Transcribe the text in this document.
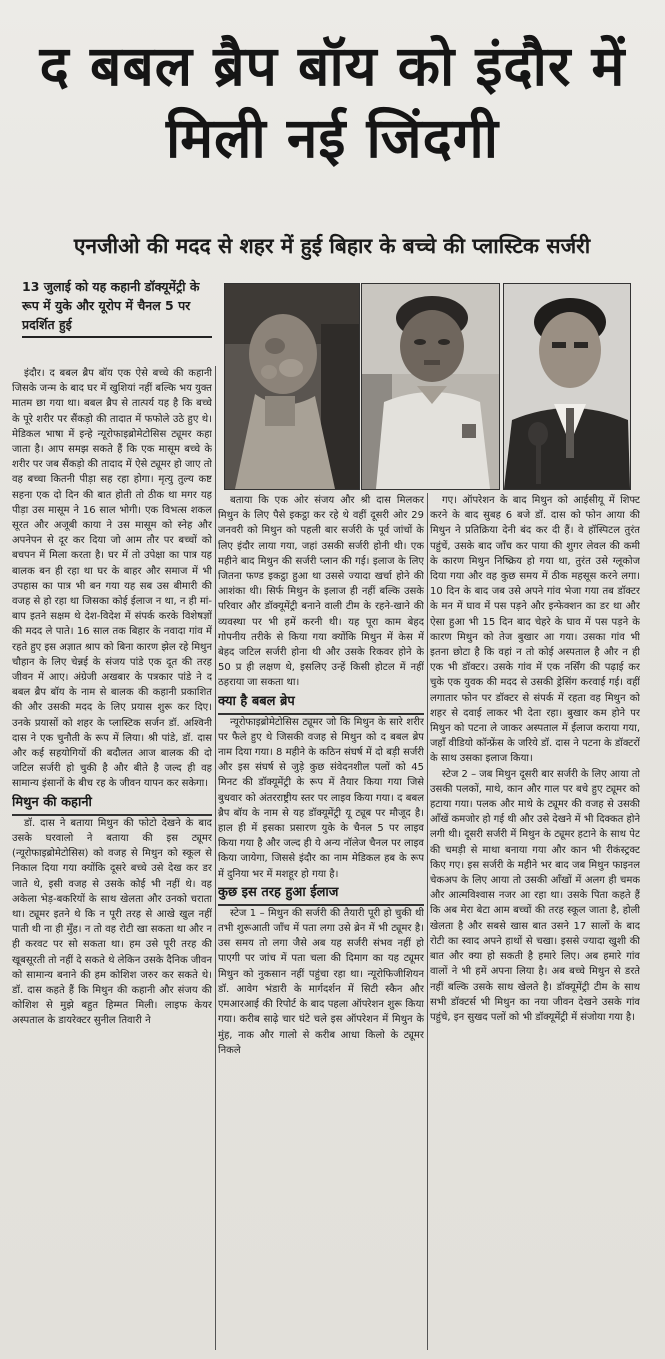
द बबल ब्रैप बॉय को इंदौर में मिली नई जिंदगी
एनजीओ की मदद से शहर में हुई बिहार के बच्चे की प्लास्टिक सर्जरी
13 जुलाई को यह कहानी डॉक्यूमेंट्री के रूप में युके और यूरोप में चैनल 5 पर प्रदर्शित हुई

इंदौर। द बबल ब्रैप बॉय एक ऐसे बच्चे की कहानी जिसके जन्म के बाद घर में खुशियां नहीं बल्कि भय युक्त मातम छा गया था। बबल ब्रैप से तात्पर्य यह है कि बच्चे के पूरे शरीर पर सैंकड़ो की तादात में फफोले उठे हुए थे। मेडिकल भाषा में इन्हे न्यूरोफाइब्रोमेटोसिस ट्यूमर कहा जाता है। आप समझ सकते हैं कि एक मासूम बच्चे के शरीर पर जब सैंकड़ो की तादाद में ऐसे ट्यूमर हो जाए तो वह बच्चा कितनी पीड़ा सह रहा होगा। मृत्यु तुल्य कष्ट सहना एक दो दिन की बात होती तो ठीक था मगर यह पीड़ा उस मासूम ने 16 साल भोगी। एक विभत्स शकल सूरत और अजूबी काया ने उस मासूम को स्नेह और अपनेपन से दूर कर दिया जो आम तौर पर बच्चों को बचपन में मिला करता है। घर में तो उपेक्षा का पात्र यह बालक बन ही रहा था घर के बाहर और समाज में भी उपहास का पात्र भी बन गया यह सब उस बीमारी की वजह से हो रहा था जिसका कोई ईलाज न था, न ही मां-बाप इतने सक्षम थे देश-विदेश में संपर्क करके विशेषज्ञों की मदद ले पाते। 16 साल तक बिहार के नवादा गांव में रहते हुए इस अज्ञात श्राप को बिना कारण झेल रहे मिथुन चौहान के लिए चेन्नई के संजय पांडे एक दूत की तरह जीवन में आए। अंग्रेजी अखबार के पत्रकार पांडे ने द बबल ब्रैप बॉय के नाम से बालक की कहानी प्रकाशित की और उसकी मदद के लिए प्रयास शुरू कर दिए। उनके प्रयासों को शहर के प्लास्टिक सर्जन डॉ. अश्विनी दास ने एक चुनौती के रूप में लिया। श्री पांडे, डॉ. दास और कई सहयोगियों की बदौलत आज बालक की दो जटिल सर्जरी हो चुकी है और बीते है जल्द ही वह सामान्य इंसानों के बीच रह के जीवन यापन कर सकेगा।

मिथुन की कहानी

डॉ. दास ने बताया मिथुन की फोटो देखने के बाद उसके घरवालो ने बताया की इस ट्यूमर (न्यूरोफाइब्रोमेटोसिस) को वजह से मिथुन को स्कूल से निकाल दिया गया क्योंकि दूसरे बच्चे उसे देख कर डर जाते थे, इसी वजह से उसके कोई भी नहीं थे। वह अकेला भेड़-बकरियों के साथ खेलता और उनको चराता था। ट्यूमर इतने थे कि न पूरी तरह से आखे खुल नहीं पाती थी ना ही मुँह। न तो वह रोटी खा सकता था और न ही करवट पर सो सकता था। हम उसे पूरी तरह की खूबसूरती तो नहीं दे सकते थे लेकिन उसके दैनिक जीवन को सामान्य बनाने की हम कोशिश जरुर कर सकते थे। डॉ. दास कहते हैं कि मिथुन की कहानी और संजय की कोशिश से मुझे बहुत हिम्मत मिली। लाइफ केयर अस्पताल के डायरेक्टर सुनील तिवारी ने

बताया कि एक ओर संजय और श्री दास मिलकर मिथुन के लिए पैसे इकट्ठा कर रहे थे वहीं दूसरी ओर 29 जनवरी को मिथुन को पहली बार सर्जरी के पूर्व जांचों के लिए इंदौर लाया गया, जहां उसकी सर्जरी होनी थी। एक महीने बाद मिथुन की सर्जरी प्लान की गई। इलाज के लिए जितना फण्ड इकट्ठा हुआ था उससे ज्यादा खर्चा होने की आशंका थी। सिर्फ मिथुन के इलाज ही नहीं बल्कि उसके परिवार और डॉक्यूमेंट्री बनाने वाली टीम के रहने-खाने की व्यवस्था पर भी हमें करनी थी। यह पूरा काम बेहद गोपनीय तरीके से किया गया क्योंकि मिथुन में केस में बेहद जटिल सर्जरी होना थी और उसके रिकवर होने के 50 प्र ही लक्षण थे, इसलिए उन्हें किसी होटल में नहीं ठहराया जा सकता था।

क्या है बबल ब्रेप

न्यूरोफाइब्रोमेटोसिस ट्यूमर जो कि मिथुन के सारे शरीर पर फैले हुए थे जिसकी वजह से मिथुन को द बबल ब्रेप नाम दिया गया। 8 महीने के कठिन संघर्ष में दो बड़ी सर्जरी और इस संघर्ष से जुड़े कुछ संवेदनशील पलों को 45 मिनट की डॉक्यूमेंट्री के रूप में तैयार किया गया जिसे बुधवार को अंतरराष्ट्रीय स्तर पर लाइव किया गया। द बबल ब्रैप बॉय के नाम से यह डॉक्यूमेंट्री यू ट्यूब पर मौजूद है। हाल ही में इसका प्रसारण युके के चैनल 5 पर लाइव किया गया है और जल्द ही ये अन्य नॉलेज चैनल पर लाइव किया जायेगा, जिससे इंदौर का नाम मेडिकल हब के रूप में दुनिया भर में मशहूर हो गया है।

कुछ इस तरह हुआ ईलाज

स्टेज 1 – मिथुन की सर्जरी की तैयारी पूरी हो चुकी थी तभी शुरूआती जाँच में पता लगा उसे ब्रेन में भी ट्यूमर है। उस समय तो लगा जैसे अब यह सर्जरी संभव नहीं हो पाएगी पर जांच में पता चला की दिमाग का यह ट्यूमर मिथुन को नुकसान नहीं पहुंचा रहा था। न्यूरोफिजीशियन डॉ. आवेग भंडारी के मार्गदर्शन में सिटी स्कैन और एमआरआई की रिपोर्ट के बाद पहला ऑपरेशन शुरू किया गया। करीब साढ़े चार घंटे चले इस ऑपरेशन में मिथुन के मुंह, नाक और गालो से करीब आधा किलो के ट्यूमर निकले

गए। ऑपरेशन के बाद मिथुन को आईसीयू में शिफ्ट करने के बाद सुबह 6 बजे डॉ. दास को फोन आया की मिथुन ने प्रतिक्रिया देनी बंद कर दी हैं। वे हॉस्पिटल तुरंत पहुंचें, उसके बाद जाँच कर पाया की शुगर लेवल की कमी के कारण मिथुन निष्क्रिय हो गया था, तुरंत उसे ग्लूकोज दिया गया और वह कुछ समय में ठीक महसूस करने लगा। 10 दिन के बाद जब उसे अपने गांव भेजा गया तब डॉक्टर के मन में घाव में पस पड़ने और इन्फेक्शन का डर था और ऐसा हुआ भी 15 दिन बाद चेहरे के घाव में पस पड़ने के कारण मिथुन को तेज बुखार आ गया। उसका गांव भी इतना छोटा है कि वहां न तो कोई अस्पताल है और न ही एक भी डॉक्टर। उसके गांव में एक नर्सिंग की पढ़ाई कर चुके एक युवक की मदद से उसकी ड्रेसिंग करवाई गई। वहीं लगातार फोन पर डॉक्टर से संपर्क में रहता वह मिथुन को शहर से दवाई लाकर भी देता रहा। बुखार कम होने पर मिथुन को पटना ले जाकर अस्पताल में ईलाज कराया गया, जहाँ वीडियो कॉन्फ्रेंस के जरिये डॉ. दास ने पटना के डॉक्टरों के साथ उसका इलाज किया।

स्टेज 2 – जब मिथुन दूसरी बार सर्जरी के लिए आया तो उसकी पलकों, माथे, कान और गाल पर बचे हुए ट्यूमर को हटाया गया। पलक और माथे के ट्यूमर की वजह से उसकी आँखें कमजोर हो गई थी और उसे देखने में भी दिक्कत होने लगी थी। दूसरी सर्जरी में मिथुन के ट्यूमर हटाने के साथ पेट की चमड़ी से माथा बनाया गया और कान भी रीकंस्ट्रक्ट किए गए। इस सर्जरी के महीने भर बाद जब मिथुन फाइनल चेकअप के लिए आया तो उसकी आँखों में अलग ही चमक और आत्मविश्वास नजर आ रहा था। उसके पिता कहते हैं कि अब मेरा बेटा आम बच्चों की तरह स्कूल जाता है, होली खेलता है और सबसे खास बात उसने 17 सालों के बाद रोटी का स्वाद अपने हाथों से चखा। इससे ज्यादा खुशी की बात और क्या हो सकती है हमारे लिए। अब हमारे गांव वालों ने भी हमें अपना लिया है। अब बच्चे मिथुन से डरते नहीं बल्कि उसके साथ खेलते है। डॉक्यूमेंट्री टीम के साथ सभी डॉक्टर्स भी मिथुन का नया जीवन देखने उसके गांव पहुंचे, इन सुखद पलों को भी डॉक्यूमेंट्री में संजोया गया है।
